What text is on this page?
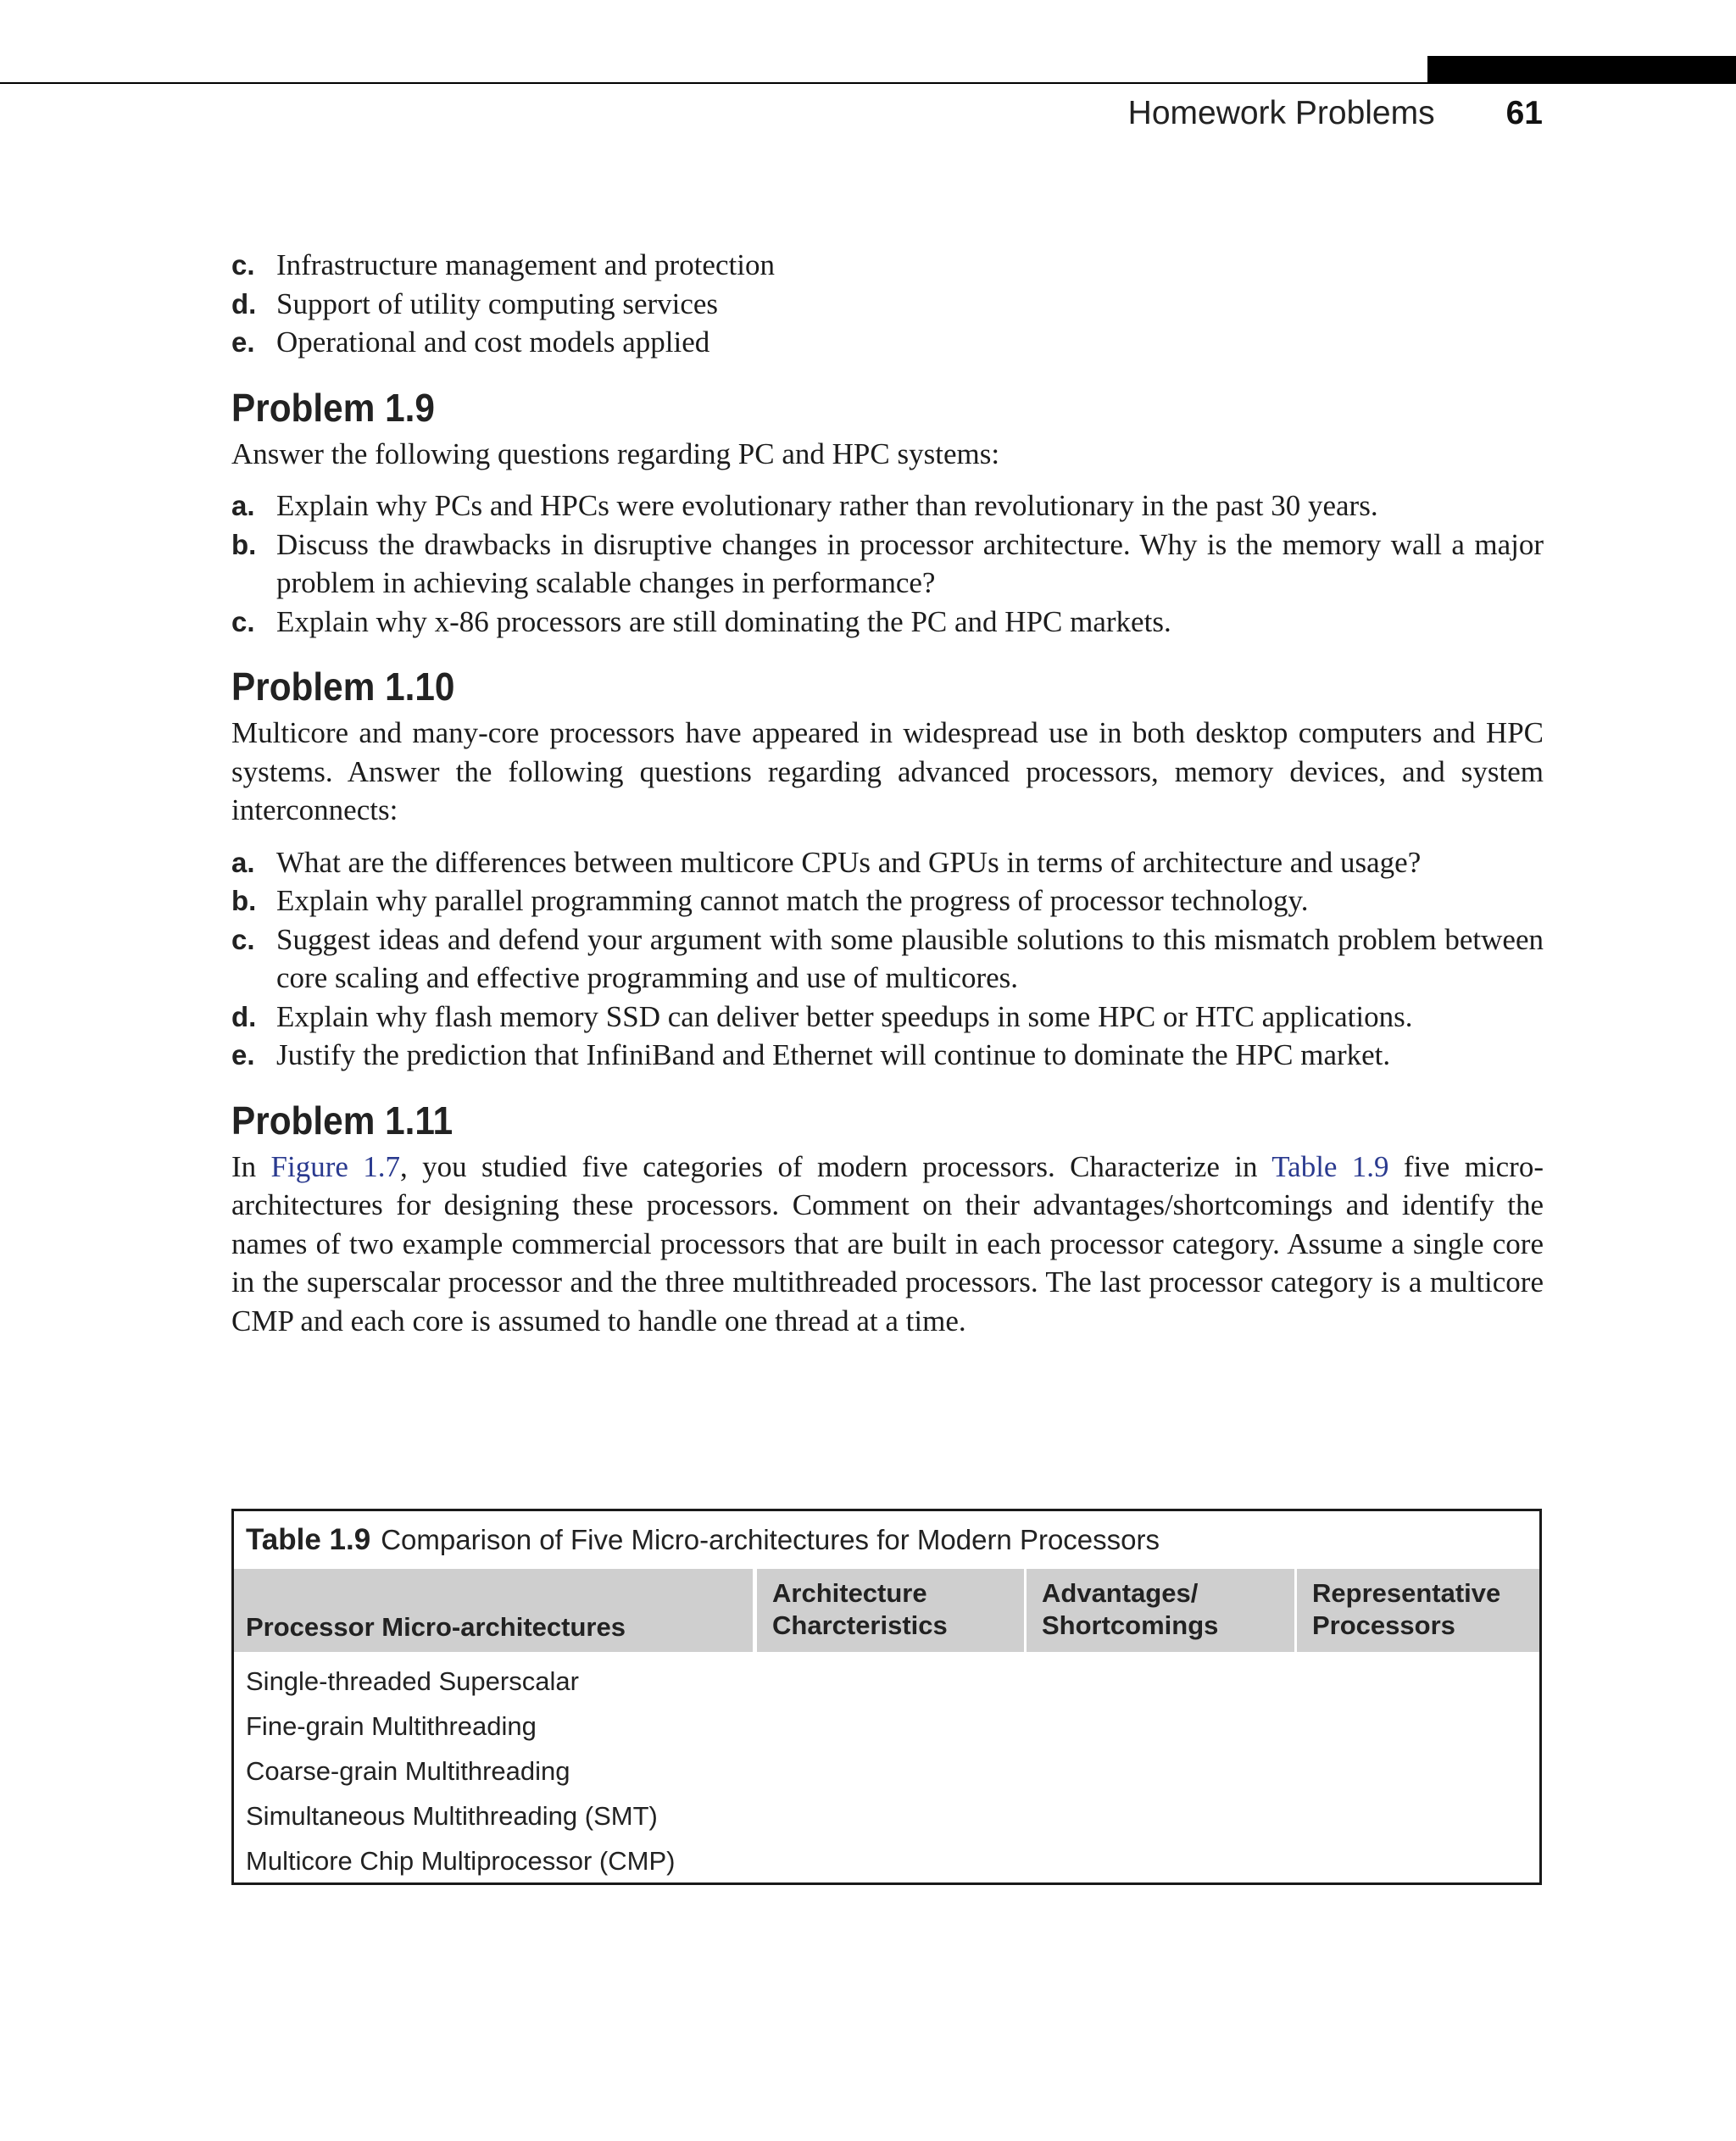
Homework Problems 61
c. Infrastructure management and protection
d. Support of utility computing services
e. Operational and cost models applied
Problem 1.9

Answer the following questions regarding PC and HPC systems:

a. Explain why PCs and HPCs were evolutionary rather than revolutionary in the past 30 years.
b. Discuss the drawbacks in disruptive changes in processor architecture. Why is the memory wall a major problem in achieving scalable changes in performance?
c. Explain why x-86 processors are still dominating the PC and HPC markets.
Problem 1.10

Multicore and many-core processors have appeared in widespread use in both desktop computers and HPC systems. Answer the following questions regarding advanced processors, memory devices, and system interconnects:

a. What are the differences between multicore CPUs and GPUs in terms of architecture and usage?
b. Explain why parallel programming cannot match the progress of processor technology.
c. Suggest ideas and defend your argument with some plausible solutions to this mismatch problem between core scaling and effective programming and use of multicores.
d. Explain why flash memory SSD can deliver better speedups in some HPC or HTC applications.
e. Justify the prediction that InfiniBand and Ethernet will continue to dominate the HPC market.
Problem 1.11

In Figure 1.7, you studied five categories of modern processors. Characterize in Table 1.9 five micro-architectures for designing these processors. Comment on their advantages/shortcomings and identify the names of two example commercial processors that are built in each processor category. Assume a single core in the superscalar processor and the three multithreaded processors. The last processor category is a multicore CMP and each core is assumed to handle one thread at a time.

Table 1.9 Comparison of Five Micro-architectures for Modern Processors
Processor Micro-architectures
Architecture Charcteristics
Advantages/ Shortcomings
Representative Processors
Single-threaded Superscalar
Fine-grain Multithreading
Coarse-grain Multithreading
Simultaneous Multithreading (SMT)
Multicore Chip Multiprocessor (CMP)
